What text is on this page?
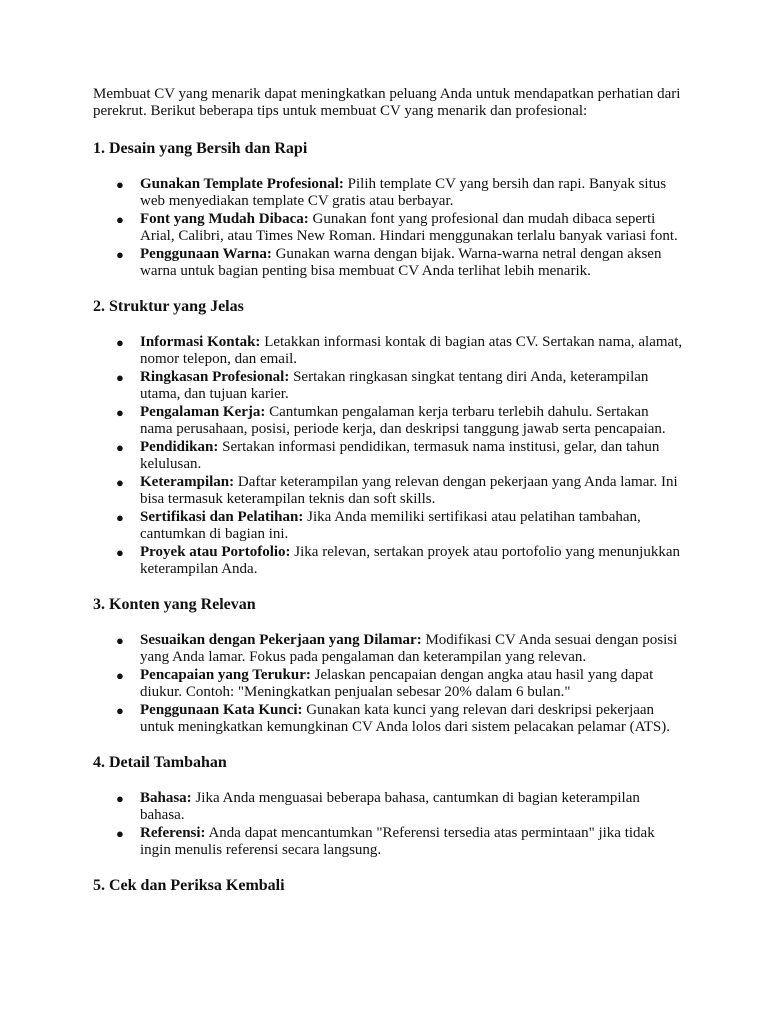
Membuat CV yang menarik dapat meningkatkan peluang Anda untuk mendapatkan perhatian dari perekrut. Berikut beberapa tips untuk membuat CV yang menarik dan profesional:

1. Desain yang Bersih dan Rapi
● Gunakan Template Profesional: Pilih template CV yang bersih dan rapi. Banyak situs web menyediakan template CV gratis atau berbayar.
● Font yang Mudah Dibaca: Gunakan font yang profesional dan mudah dibaca seperti Arial, Calibri, atau Times New Roman. Hindari menggunakan terlalu banyak variasi font.
● Penggunaan Warna: Gunakan warna dengan bijak. Warna-warna netral dengan aksen warna untuk bagian penting bisa membuat CV Anda terlihat lebih menarik.
2. Struktur yang Jelas
● Informasi Kontak: Letakkan informasi kontak di bagian atas CV. Sertakan nama, alamat, nomor telepon, dan email.
● Ringkasan Profesional: Sertakan ringkasan singkat tentang diri Anda, keterampilan utama, dan tujuan karier.
● Pengalaman Kerja: Cantumkan pengalaman kerja terbaru terlebih dahulu. Sertakan nama perusahaan, posisi, periode kerja, dan deskripsi tanggung jawab serta pencapaian.
● Pendidikan: Sertakan informasi pendidikan, termasuk nama institusi, gelar, dan tahun kelulusan.
● Keterampilan: Daftar keterampilan yang relevan dengan pekerjaan yang Anda lamar. Ini bisa termasuk keterampilan teknis dan soft skills.
● Sertifikasi dan Pelatihan: Jika Anda memiliki sertifikasi atau pelatihan tambahan, cantumkan di bagian ini.
● Proyek atau Portofolio: Jika relevan, sertakan proyek atau portofolio yang menunjukkan keterampilan Anda.
3. Konten yang Relevan
● Sesuaikan dengan Pekerjaan yang Dilamar: Modifikasi CV Anda sesuai dengan posisi yang Anda lamar. Fokus pada pengalaman dan keterampilan yang relevan.
● Pencapaian yang Terukur: Jelaskan pencapaian dengan angka atau hasil yang dapat diukur. Contoh: "Meningkatkan penjualan sebesar 20% dalam 6 bulan."
● Penggunaan Kata Kunci: Gunakan kata kunci yang relevan dari deskripsi pekerjaan untuk meningkatkan kemungkinan CV Anda lolos dari sistem pelacakan pelamar (ATS).
4. Detail Tambahan
● Bahasa: Jika Anda menguasai beberapa bahasa, cantumkan di bagian keterampilan bahasa.
● Referensi: Anda dapat mencantumkan "Referensi tersedia atas permintaan" jika tidak ingin menulis referensi secara langsung.
5. Cek dan Periksa Kembali
